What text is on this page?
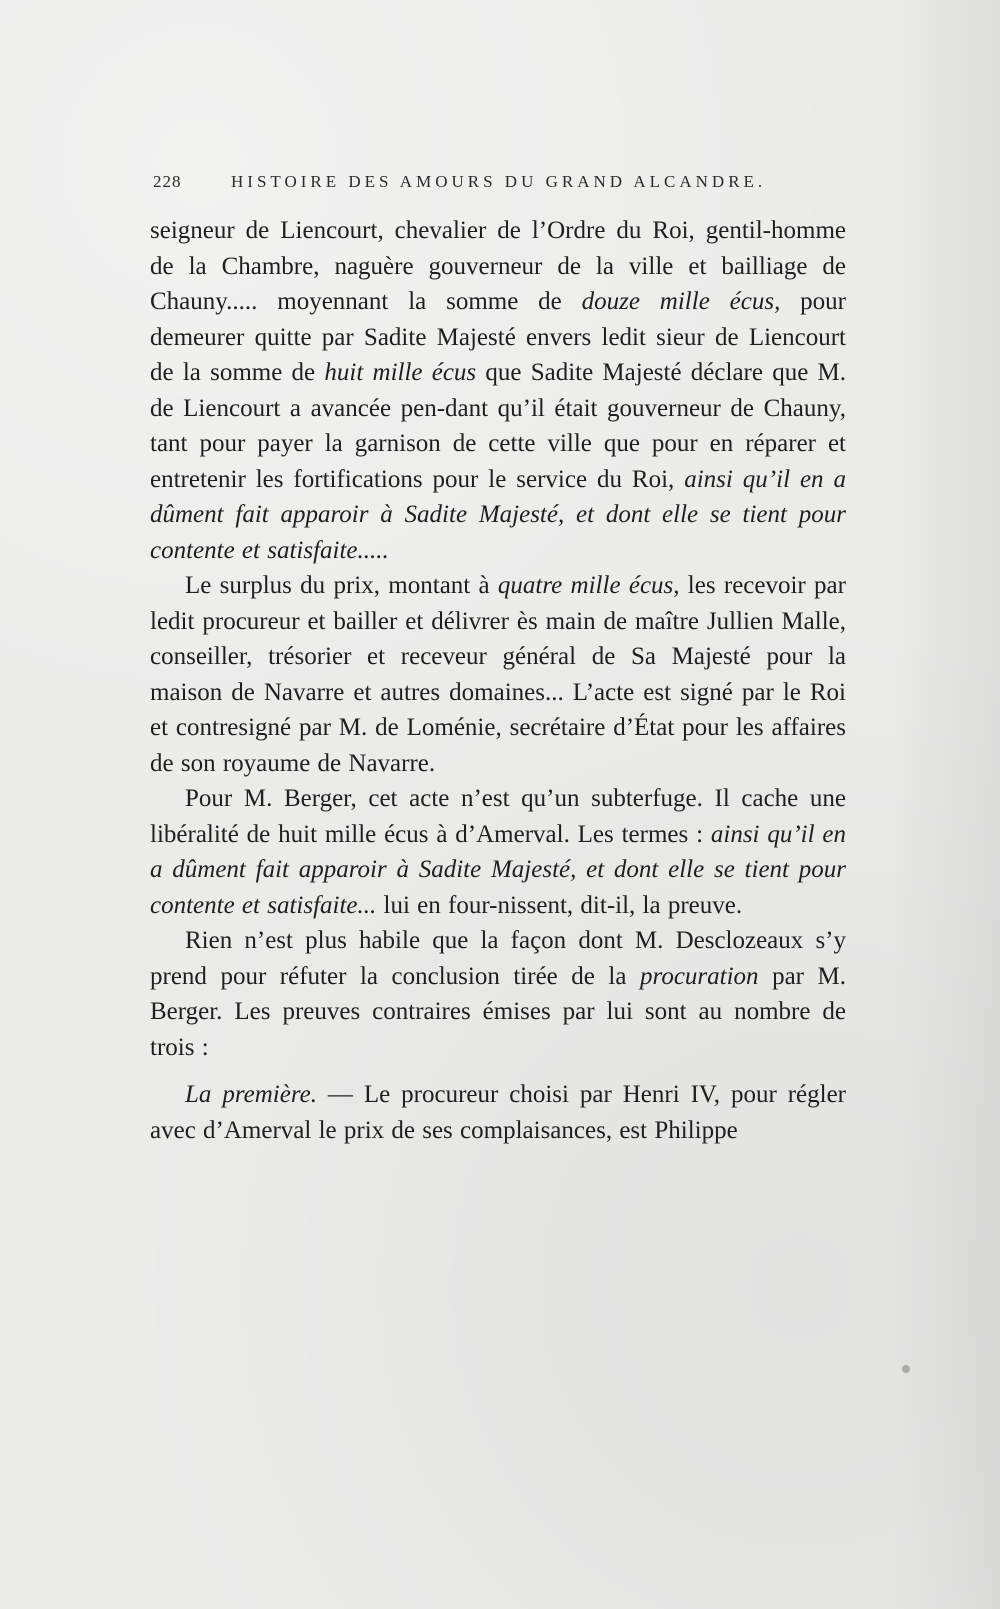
228	HISTOIRE DES AMOURS DU GRAND ALCANDRE.

seigneur de Liencourt, chevalier de l’Ordre du Roi, gentil-homme de la Chambre, naguère gouverneur de la ville et bailliage de Chauny..... moyennant la somme de douze mille écus, pour demeurer quitte par Sadite Majesté envers ledit sieur de Liencourt de la somme de huit mille écus que Sadite Majesté déclare que M. de Liencourt a avancée pen-dant qu’il était gouverneur de Chauny, tant pour payer la garnison de cette ville que pour en réparer et entretenir les fortifications pour le service du Roi, ainsi qu’il en a dûment fait apparoir à Sadite Majesté, et dont elle se tient pour contente et satisfaite.....

Le surplus du prix, montant à quatre mille écus, les recevoir par ledit procureur et bailler et délivrer ès main de maître Jullien Malle, conseiller, trésorier et receveur général de Sa Majesté pour la maison de Navarre et autres domaines... L’acte est signé par le Roi et contresigné par M. de Loménie, secrétaire d’État pour les affaires de son royaume de Navarre.

Pour M. Berger, cet acte n’est qu’un subterfuge. Il cache une libéralité de huit mille écus à d’Amerval. Les termes : ainsi qu’il en a dûment fait apparoir à Sadite Majesté, et dont elle se tient pour contente et satisfaite... lui en four-nissent, dit-il, la preuve.

Rien n’est plus habile que la façon dont M. Desclozeaux s’y prend pour réfuter la conclusion tirée de la procuration par M. Berger. Les preuves contraires émises par lui sont au nombre de trois :

La première. — Le procureur choisi par Henri IV, pour régler avec d’Amerval le prix de ses complaisances, est Philippe
